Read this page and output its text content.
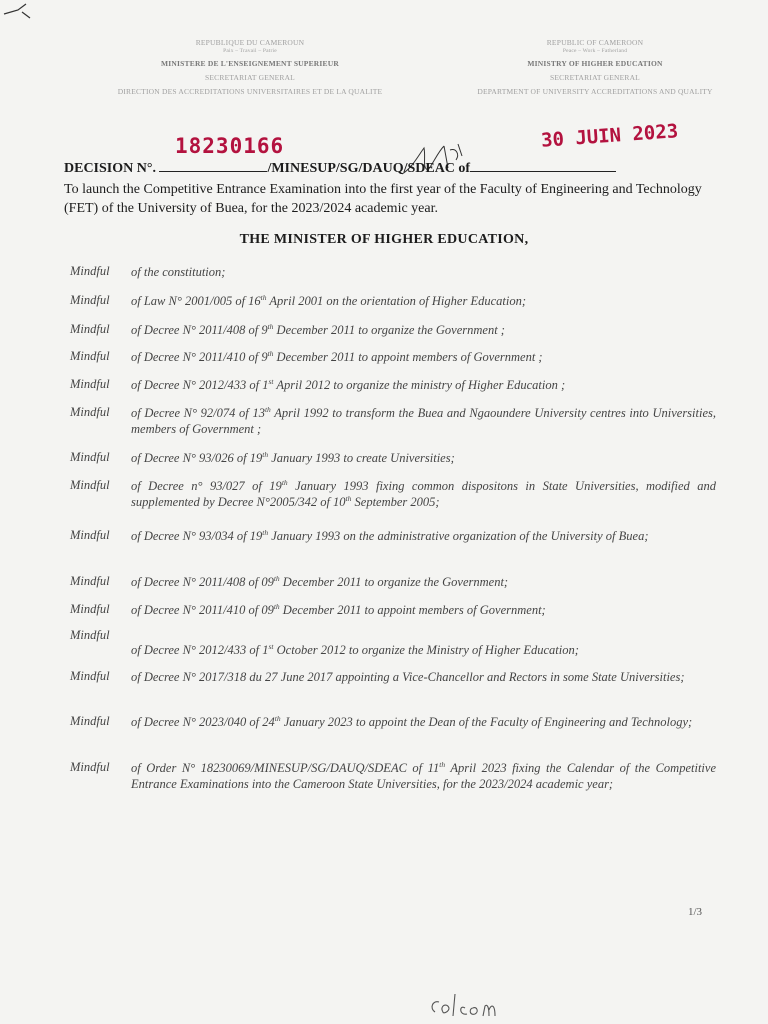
REPUBLIQUE DU CAMEROUN
Paix – Travail – Patrie
MINISTERE DE L'ENSEIGNEMENT SUPERIEUR
SECRETARIAT GENERAL
DIRECTION DES ACCREDITATIONS UNIVERSITAIRES ET DE LA QUALITE
REPUBLIC OF CAMEROON
Peace – Work – Fatherland
MINISTRY OF HIGHER EDUCATION
SECRETARIAT GENERAL
DEPARTMENT OF UNIVERSITY ACCREDITATIONS AND QUALITY
18230166	30 JUIN 2023
DECISION N°.	/MINESUP/SG/DAUQ/SDEAC of
To launch the Competitive Entrance Examination into the first year of the Faculty of Engineering and Technology (FET) of the University of Buea, for the 2023/2024 academic year.
THE MINISTER OF HIGHER EDUCATION,
Mindful of the constitution;
Mindful of Law N° 2001/005 of 16th April 2001 on the orientation of Higher Education;
Mindful of Decree N° 2011/408 of 9th December 2011 to organize the Government ;
Mindful of Decree N° 2011/410 of 9th December 2011 to appoint members of Government ;
Mindful of Decree N° 2012/433 of 1st April 2012 to organize the ministry of Higher Education ;
Mindful of Decree N° 92/074 of 13th April 1992 to transform the Buea and Ngaoundere University centres into Universities, members of Government ;
Mindful of Decree N° 93/026 of 19th January 1993 to create Universities;
Mindful of Decree n° 93/027 of 19th January 1993 fixing common dispositons in State Universities, modified and supplemented by Decree N°2005/342 of 10th September 2005;
Mindful of Decree N° 93/034 of 19th January 1993 on the administrative organization of the University of Buea;
Mindful of Decree N° 2011/408 of 09th December 2011 to organize the Government;
Mindful of Decree N° 2011/410 of 09th December 2011 to appoint members of Government;
Mindful
of Decree N° 2012/433 of 1st October 2012 to organize the Ministry of Higher Education;
Mindful of Decree N° 2017/318 du 27 June 2017 appointing a Vice-Chancellor and Rectors in some State Universities;
Mindful of Decree N° 2023/040 of 24th January 2023 to appoint the Dean of the Faculty of Engineering and Technology;
Mindful of Order N° 18230069/MINESUP/SG/DAUQ/SDEAC of 11th April 2023 fixing the Calendar of the Competitive Entrance Examinations into the Cameroon State Universities, for the 2023/2024 academic year;
1/3
